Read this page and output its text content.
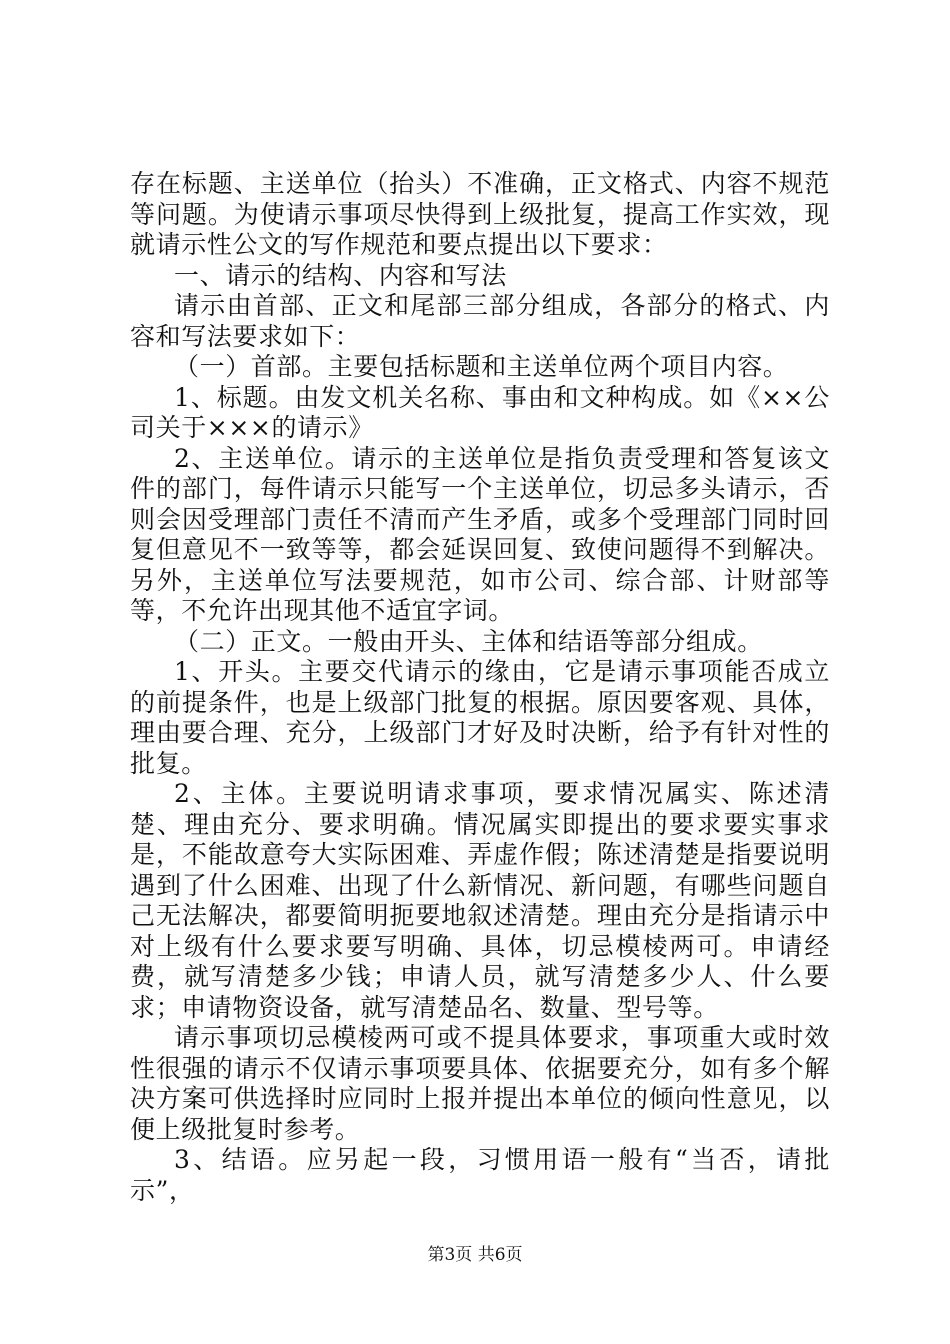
存在标题、主送单位（抬头）不准确，正文格式、内容不规范等问题。为使请示事项尽快得到上级批复，提高工作实效，现就请示性公文的写作规范和要点提出以下要求：

一、请示的结构、内容和写法

请示由首部、正文和尾部三部分组成，各部分的格式、内容和写法要求如下：

（一）首部。主要包括标题和主送单位两个项目内容。

1、标题。由发文机关名称、事由和文种构成。如《××公司关于×××的请示》

2、主送单位。请示的主送单位是指负责受理和答复该文件的部门，每件请示只能写一个主送单位，切忌多头请示，否则会因受理部门责任不清而产生矛盾，或多个受理部门同时回复但意见不一致等等，都会延误回复、致使问题得不到解决。另外，主送单位写法要规范，如市公司、综合部、计财部等等，不允许出现其他不适宜字词。

（二）正文。一般由开头、主体和结语等部分组成。

1、开头。主要交代请示的缘由，它是请示事项能否成立的前提条件，也是上级部门批复的根据。原因要客观、具体，理由要合理、充分，上级部门才好及时决断，给予有针对性的批复。

2、主体。主要说明请求事项，要求情况属实、陈述清楚、理由充分、要求明确。情况属实即提出的要求要实事求是，不能故意夸大实际困难、弄虚作假；陈述清楚是指要说明遇到了什么困难、出现了什么新情况、新问题，有哪些问题自己无法解决，都要简明扼要地叙述清楚。理由充分是指请示中对上级有什么要求要写明确、具体，切忌模棱两可。申请经费，就写清楚多少钱；申请人员，就写清楚多少人、什么要求；申请物资设备，就写清楚品名、数量、型号等。

请示事项切忌模棱两可或不提具体要求，事项重大或时效性很强的请示不仅请示事项要具体、依据要充分，如有多个解决方案可供选择时应同时上报并提出本单位的倾向性意见，以便上级批复时参考。

3、结语。应另起一段，习惯用语一般有“当否，请批示”，

第3页 共6页
